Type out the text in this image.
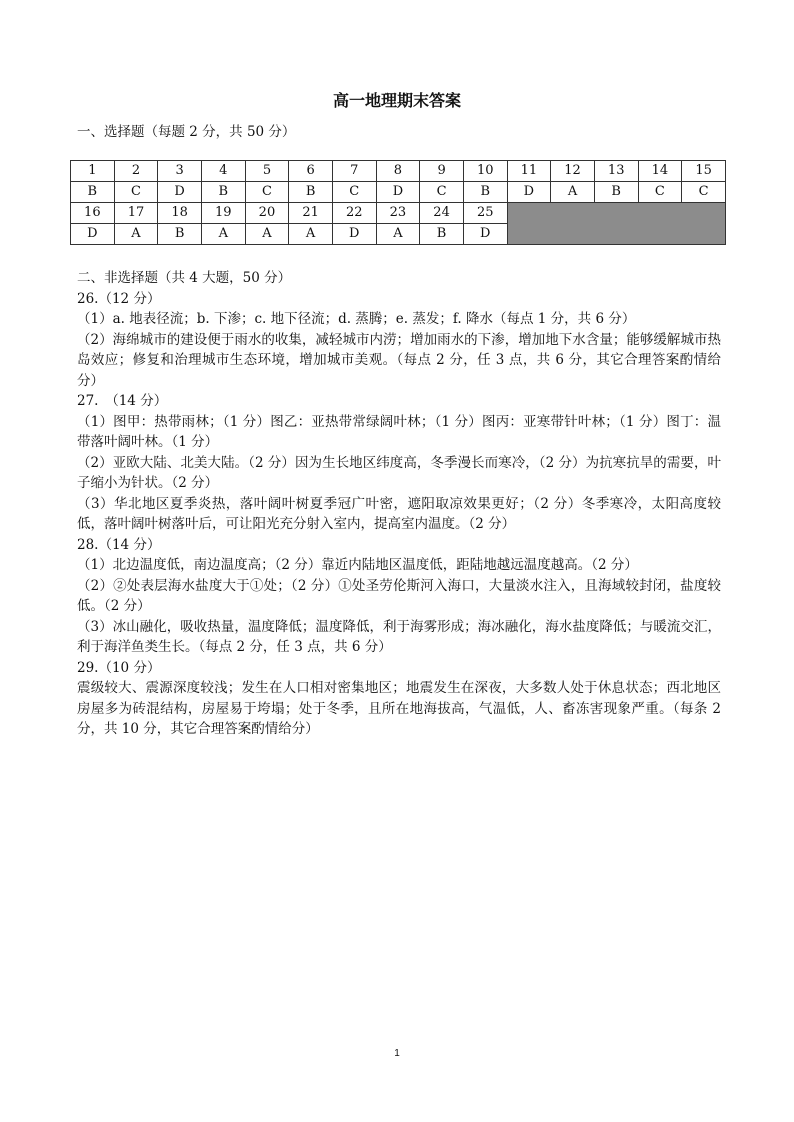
高一地理期末答案
一、选择题（每题 2 分，共 50 分）
1	2	3	4	5	6	7	8	9	10	11	12	13	14	15
B	C	D	B	C	B	C	D	C	B	D	A	B	C	C
16	17	18	19	20	21	22	23	24	25					
D	A	B	A	A	A	D	A	B	D					

二、非选择题（共 4 大题，50 分）

26.（12 分）

（1）a. 地表径流；b. 下渗；c. 地下径流；d. 蒸腾；e. 蒸发；f. 降水（每点 1 分，共 6 分）

（2）海绵城市的建设便于雨水的收集，减轻城市内涝；增加雨水的下渗，增加地下水含量；能够缓解城市热岛效应；修复和治理城市生态环境，增加城市美观。（每点 2 分，任 3 点，共 6 分，其它合理答案酌情给分）

27.　（14 分）

（1）图甲：热带雨林；（1 分）图乙：亚热带常绿阔叶林；（1 分）图丙：亚寒带针叶林；（1 分）图丁：温带落叶阔叶林。（1 分）

（2）亚欧大陆、北美大陆。（2 分）因为生长地区纬度高，冬季漫长而寒冷，（2 分）为抗寒抗旱的需要，叶子缩小为针状。（2 分）

（3）华北地区夏季炎热，落叶阔叶树夏季冠广叶密，遮阳取凉效果更好；（2 分）冬季寒冷，太阳高度较低，落叶阔叶树落叶后，可让阳光充分射入室内，提高室内温度。（2 分）

28.（14 分）

（1）北边温度低，南边温度高；（2 分）靠近内陆地区温度低，距陆地越远温度越高。（2 分）

（2）②处表层海水盐度大于①处；（2 分）①处圣劳伦斯河入海口，大量淡水注入，且海域较封闭，盐度较低。（2 分）

（3）冰山融化，吸收热量，温度降低；温度降低，利于海雾形成；海冰融化，海水盐度降低；与暖流交汇，利于海洋鱼类生长。（每点 2 分，任 3 点，共 6 分）

29.（10 分）

震级较大、震源深度较浅；发生在人口相对密集地区；地震发生在深夜，大多数人处于休息状态；西北地区房屋多为砖混结构，房屋易于垮塌；处于冬季，且所在地海拔高，气温低，人、畜冻害现象严重。（每条 2 分，共 10 分，其它合理答案酌情给分）

1
